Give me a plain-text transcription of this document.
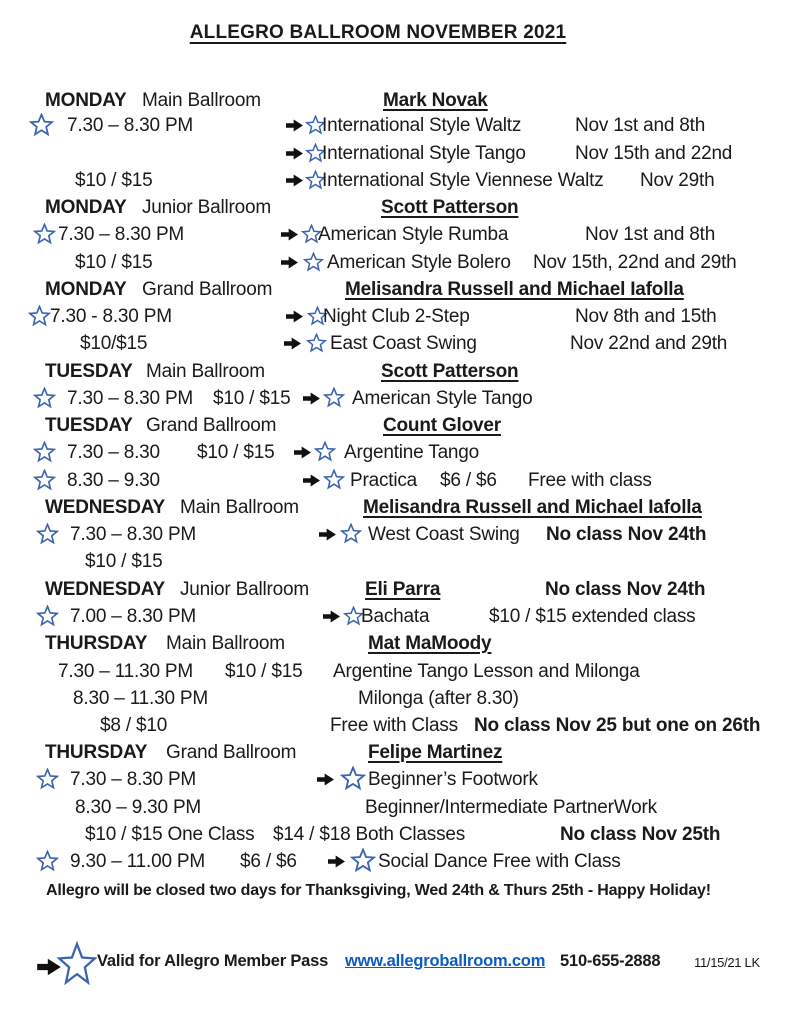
ALLEGRO BALLROOM NOVEMBER 2021
MONDAY Main Ballroom	Mark Novak
7.30 – 8.30 PM	International Style Waltz	Nov 1st and 8th
International Style Tango	Nov 15th and 22nd
$10 / $15	International Style Viennese Waltz Nov 29th
MONDAY Junior Ballroom	Scott Patterson
7.30 – 8.30 PM	American Style Rumba	Nov 1st and 8th
$10 / $15	American Style Bolero Nov 15th, 22nd and 29th
MONDAY Grand Ballroom	Melisandra Russell and Michael Iafolla
7.30 - 8.30 PM	Night Club 2-Step	Nov 8th and 15th
$10/$15	East Coast Swing	Nov 22nd and 29th
TUESDAY Main Ballroom	Scott Patterson
7.30 – 8.30 PM $10 / $15	American Style Tango
TUESDAY Grand Ballroom	Count Glover
7.30 – 8.30 $10 / $15	Argentine Tango
8.30 – 9.30	Practica $6 / $6 Free with class
WEDNESDAY Main Ballroom	Melisandra Russell and Michael Iafolla
7.30 – 8.30 PM	West Coast Swing No class Nov 24th
$10 / $15
WEDNESDAY Junior Ballroom	Eli Parra	No class Nov 24th
7.00 – 8.30 PM	Bachata	$10 / $15 extended class
THURSDAY Main Ballroom	Mat MaMoody
7.30 – 11.30 PM $10 / $15 Argentine Tango Lesson and Milonga
8.30 – 11.30 PM	Milonga (after 8.30)
$8 / $10	Free with Class No class Nov 25 but one on 26th
THURSDAY Grand Ballroom	Felipe Martinez
7.30 – 8.30 PM	Beginner’s Footwork
8.30 – 9.30 PM	Beginner/Intermediate PartnerWork
$10 / $15 One Class $14 / $18 Both Classes	No class Nov 25th
9.30 – 11.00 PM $6 / $6	Social Dance Free with Class
Allegro will be closed two days for Thanksgiving, Wed 24th & Thurs 25th - Happy Holiday!
Valid for Allegro Member Pass www.allegroballroom.com 510-655-2888	11/15/21 LK
